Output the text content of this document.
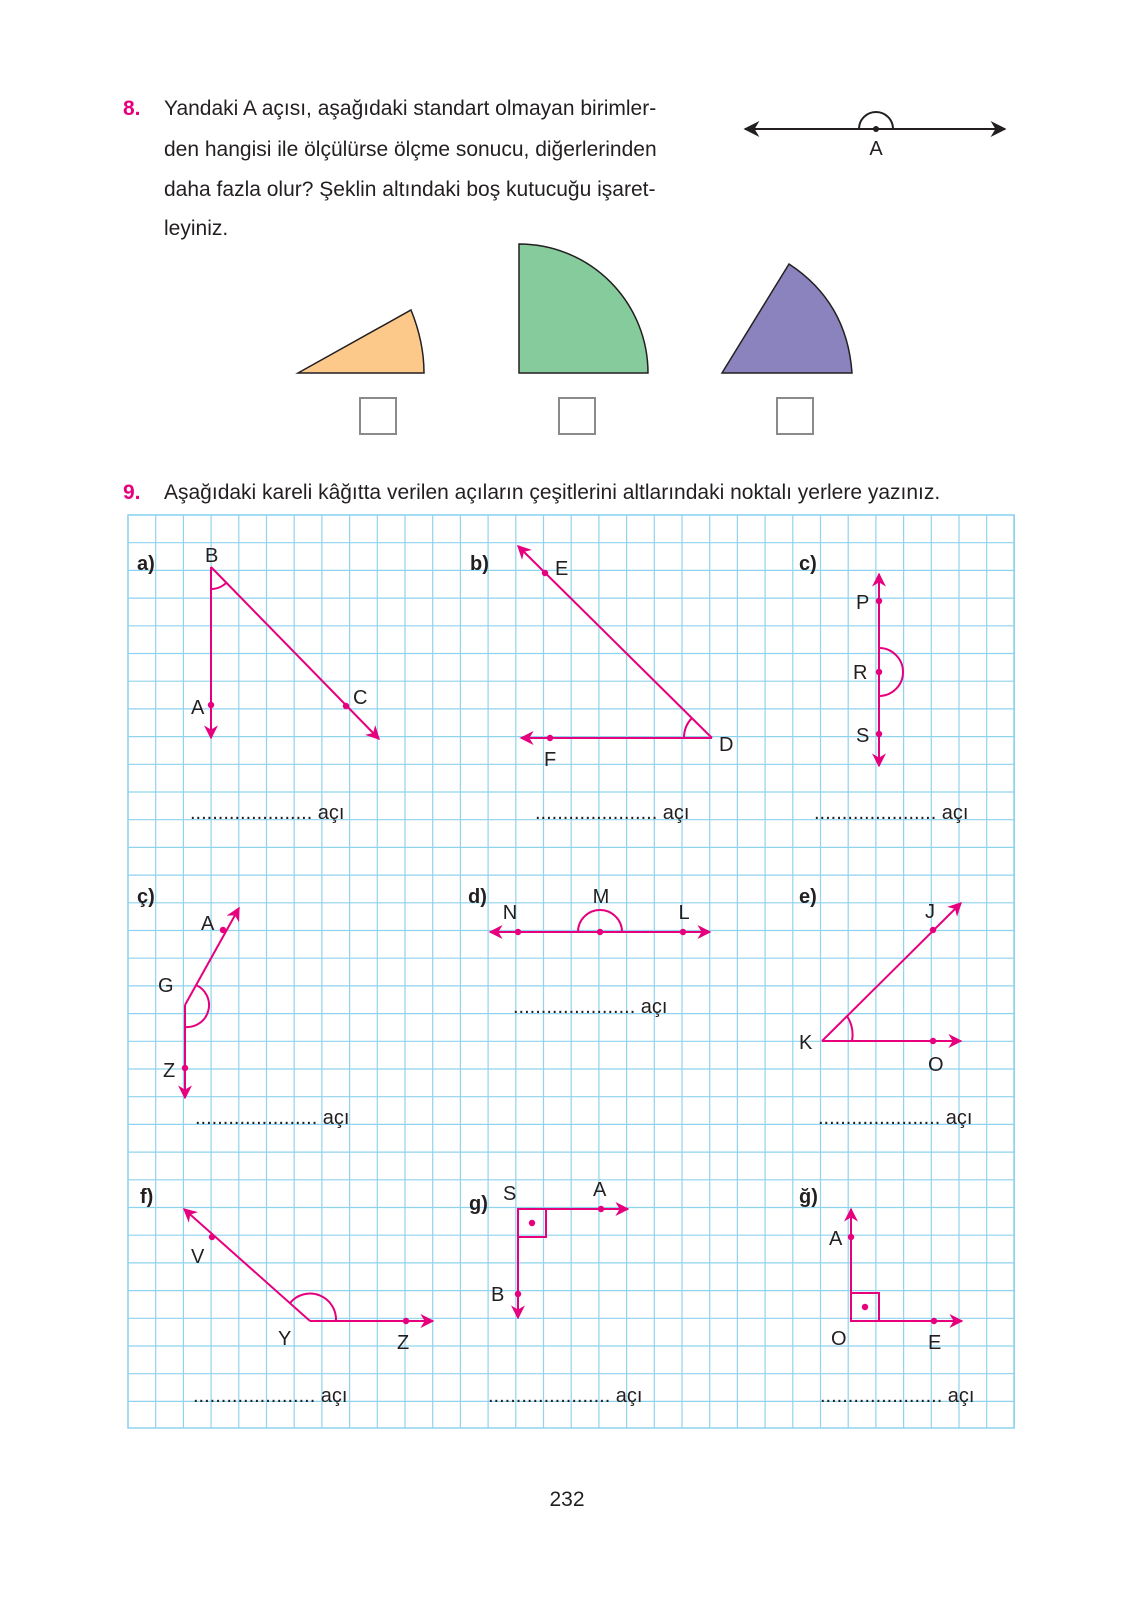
8. Yandaki A açısı, aşağıdaki standart olmayan birimler-
den hangisi ile ölçülürse ölçme sonucu, diğerlerinden
daha fazla olur? Şeklin altındaki boş kutucuğu işaret-
leyiniz.
A
9. Aşağıdaki kareli kâğıtta verilen açıların çeşitlerini altlarındaki noktalı yerlere yazınız.
a)	B
A	C
...................... açı
b)	E
D
F
...................... açı
c)
P
R
S
...................... açı
ç)
A
G
Z
...................... açı
d)
N
M
L
...................... açı
e)
J
K
O
...................... açı
f)
V
Y	Z
...................... açı
g) S	A
B
...................... açı
ğ)
A
O	E
...................... açı
232
